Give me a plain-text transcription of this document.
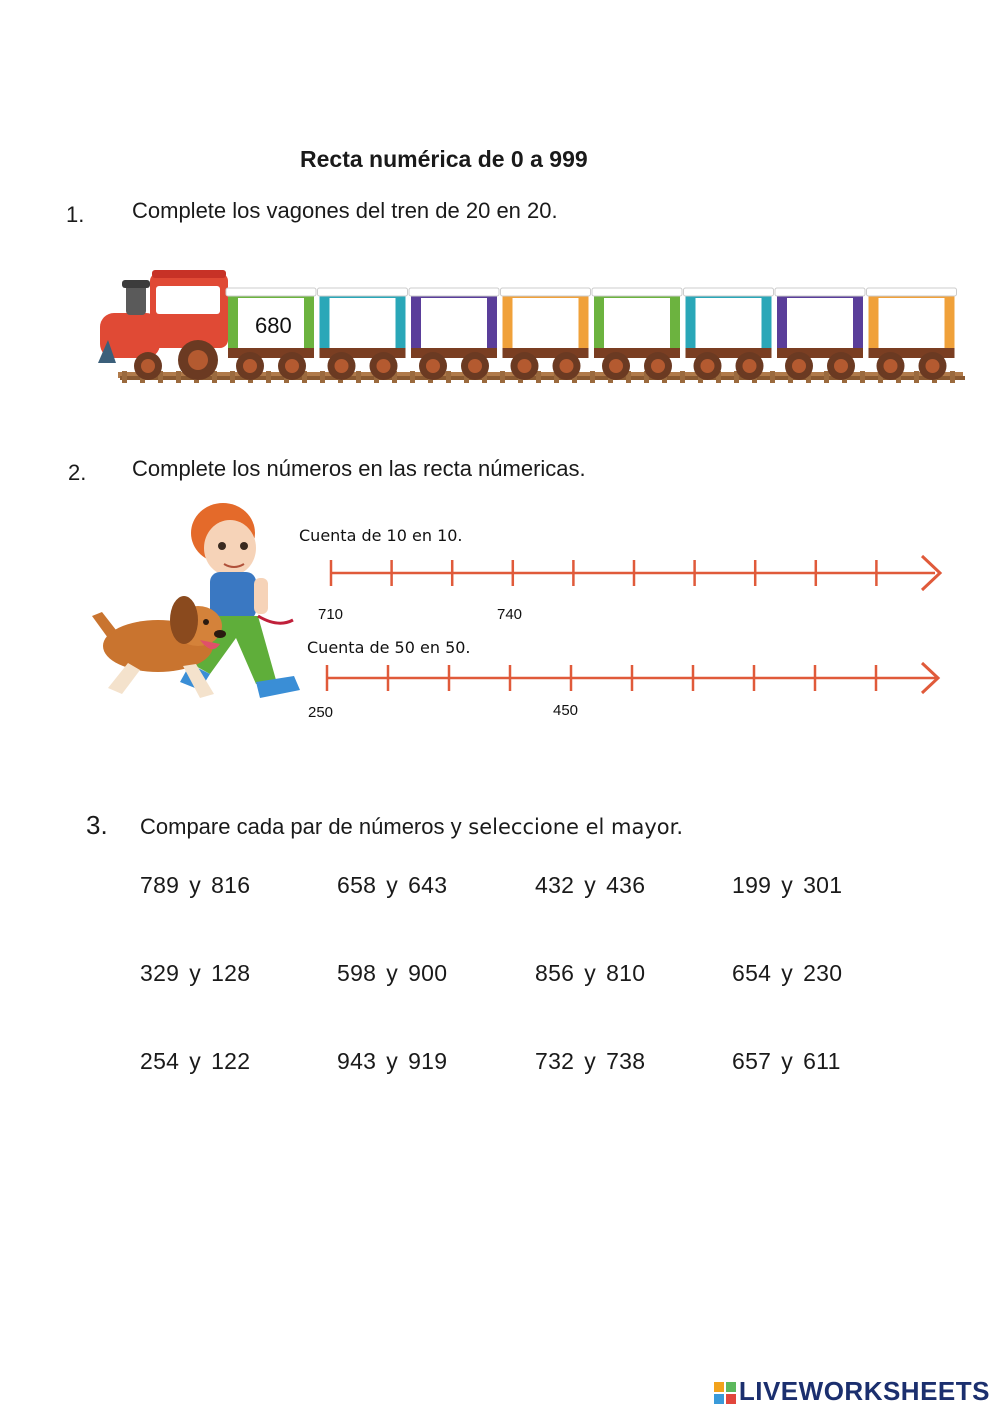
Recta numérica de 0 a 999
1. Complete los vagones del tren de 20 en 20.
680
2. Complete los números en las recta númericas.
Cuenta de 10 en 10.
710	740
Cuenta de 50 en 50.
250	450
3. Compare cada par de números y seleccione el mayor.
789 y 816	658 y 643	432 y 436	199 y 301
329 y 128	598 y 900	856 y 810	654 y 230
254 y 122	943 y 919	732 y 738	657 y 611
LIVEWORKSHEETS
